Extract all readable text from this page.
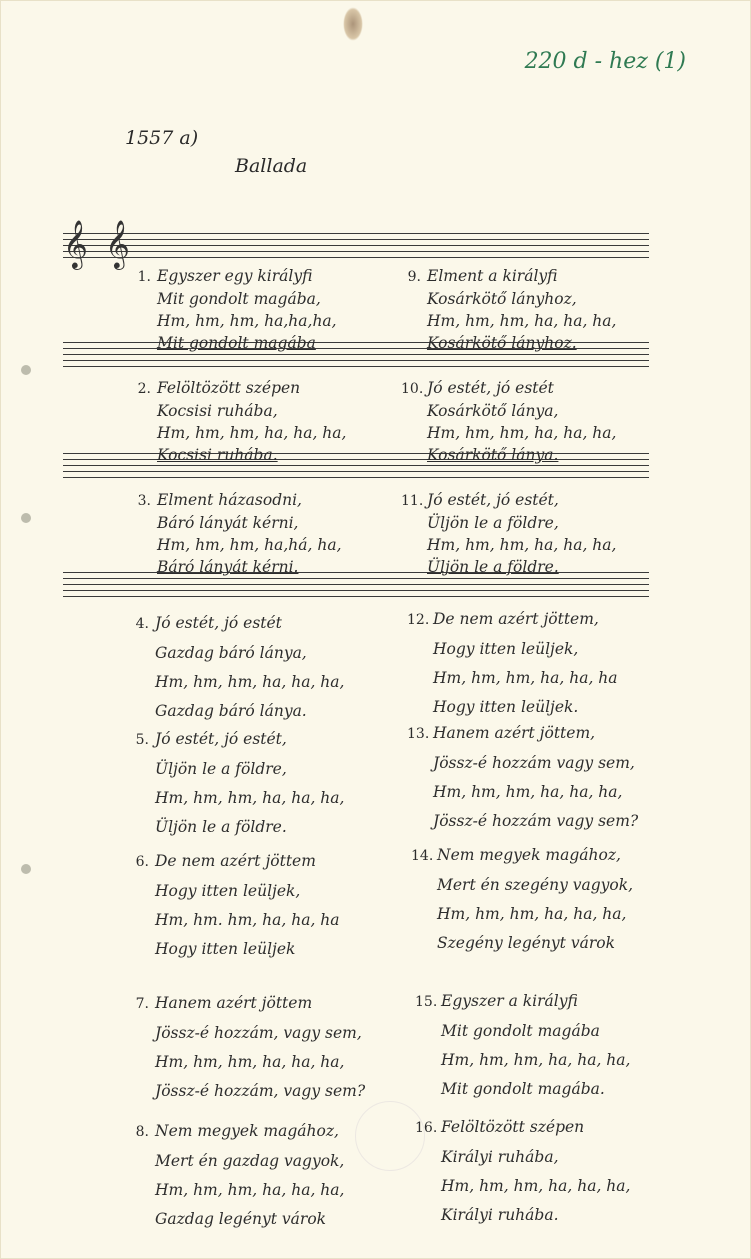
220 d - hez (1)
1557 a)
Ballada
𝄞 𝄞
1. Egyszer egy királyfi
Mit gondolt magába,
Hm, hm, hm, ha,ha,ha,
Mit gondolt magába
2. Felöltözött szépen
Kocsisi ruhába,
Hm, hm, hm, ha, ha, ha,
Kocsisi ruhába.
3. Elment házasodni,
Báró lányát kérni,
Hm, hm, hm, ha,há, ha,
Báró lányát kérni.
4. Jó estét, jó estét
Gazdag báró lánya,
Hm, hm, hm, ha, ha, ha,
Gazdag báró lánya.
5. Jó estét, jó estét,
Üljön le a földre,
Hm, hm, hm, ha, ha, ha,
Üljön le a földre.
6. De nem azért jöttem
Hogy itten leüljek,
Hm, hm. hm, ha, ha, ha
Hogy itten leüljek
7. Hanem azért jöttem
Jössz-é hozzám, vagy sem,
Hm, hm, hm, ha, ha, ha,
Jössz-é hozzám, vagy sem?
8. Nem megyek magához,
Mert én gazdag vagyok,
Hm, hm, hm, ha, ha, ha,
Gazdag legényt várok
9. Elment a királyfi
Kosárkötő lányhoz,
Hm, hm, hm, ha, ha, ha,
Kosárkötő lányhoz.
10. Jó estét, jó estét
Kosárkötő lánya,
Hm, hm, hm, ha, ha, ha,
Kosárkötő lánya.
11. Jó estét, jó estét,
Üljön le a földre,
Hm, hm, hm, ha, ha, ha,
Üljön le a földre.
12. De nem azért jöttem,
Hogy itten leüljek,
Hm, hm, hm, ha, ha, ha
Hogy itten leüljek.
13. Hanem azért jöttem,
Jössz-é hozzám vagy sem,
Hm, hm, hm, ha, ha, ha,
Jössz-é hozzám vagy sem?
14. Nem megyek magához,
Mert én szegény vagyok,
Hm, hm, hm, ha, ha, ha,
Szegény legényt várok
15. Egyszer a királyfi
Mit gondolt magába
Hm, hm, hm, ha, ha, ha,
Mit gondolt magába.
16. Felöltözött szépen
Királyi ruhába,
Hm, hm, hm, ha, ha, ha,
Királyi ruhába.
